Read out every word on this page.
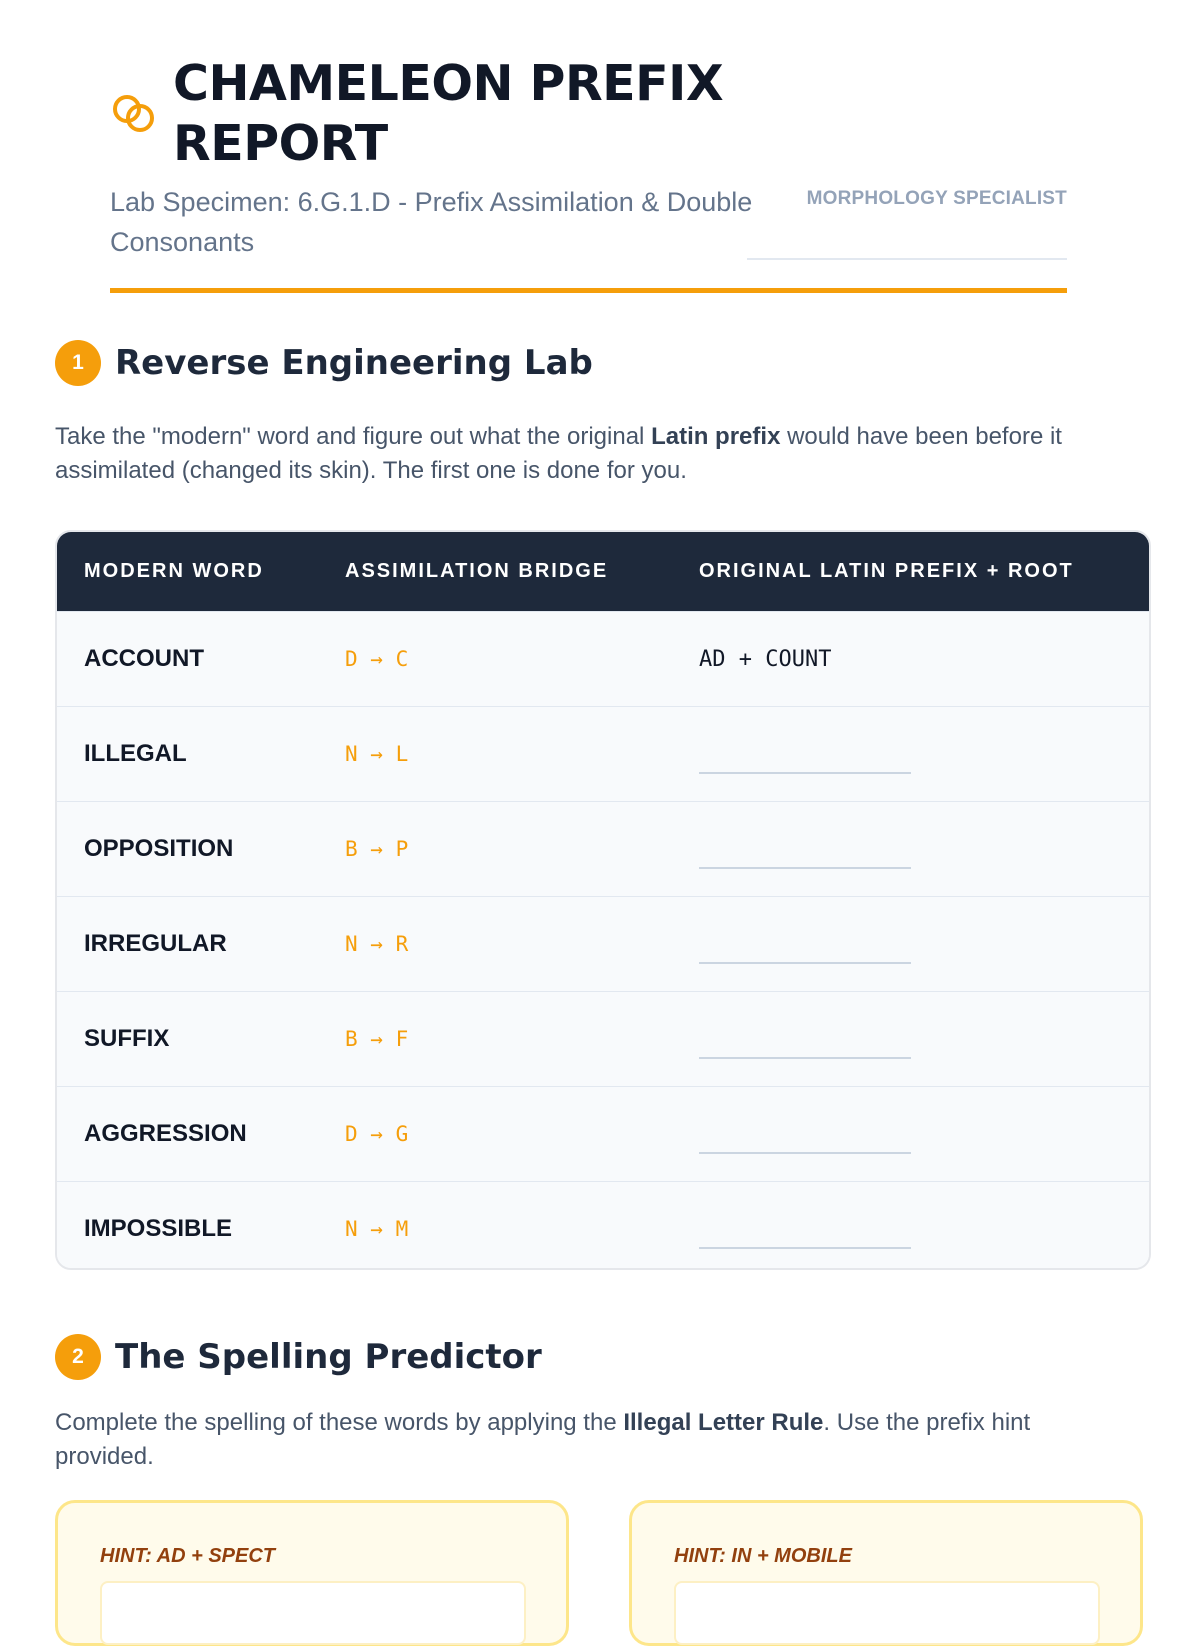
CHAMELEON PREFIX REPORT
Lab Specimen: 6.G.1.D - Prefix Assimilation & Double Consonants
MORPHOLOGY SPECIALIST
1 Reverse Engineering Lab
Take the "modern" word and figure out what the original Latin prefix would have been before it assimilated (changed its skin). The first one is done for you.
MODERN WORD	ASSIMILATION BRIDGE	ORIGINAL LATIN PREFIX + ROOT
ACCOUNT	D → C	AD + COUNT
ILLEGAL	N → L
OPPOSITION	B → P
IRREGULAR	N → R
SUFFIX	B → F
AGGRESSION	D → G
IMPOSSIBLE	N → M
2 The Spelling Predictor
Complete the spelling of these words by applying the Illegal Letter Rule. Use the prefix hint provided.
HINT: AD + SPECT	HINT: IN + MOBILE
